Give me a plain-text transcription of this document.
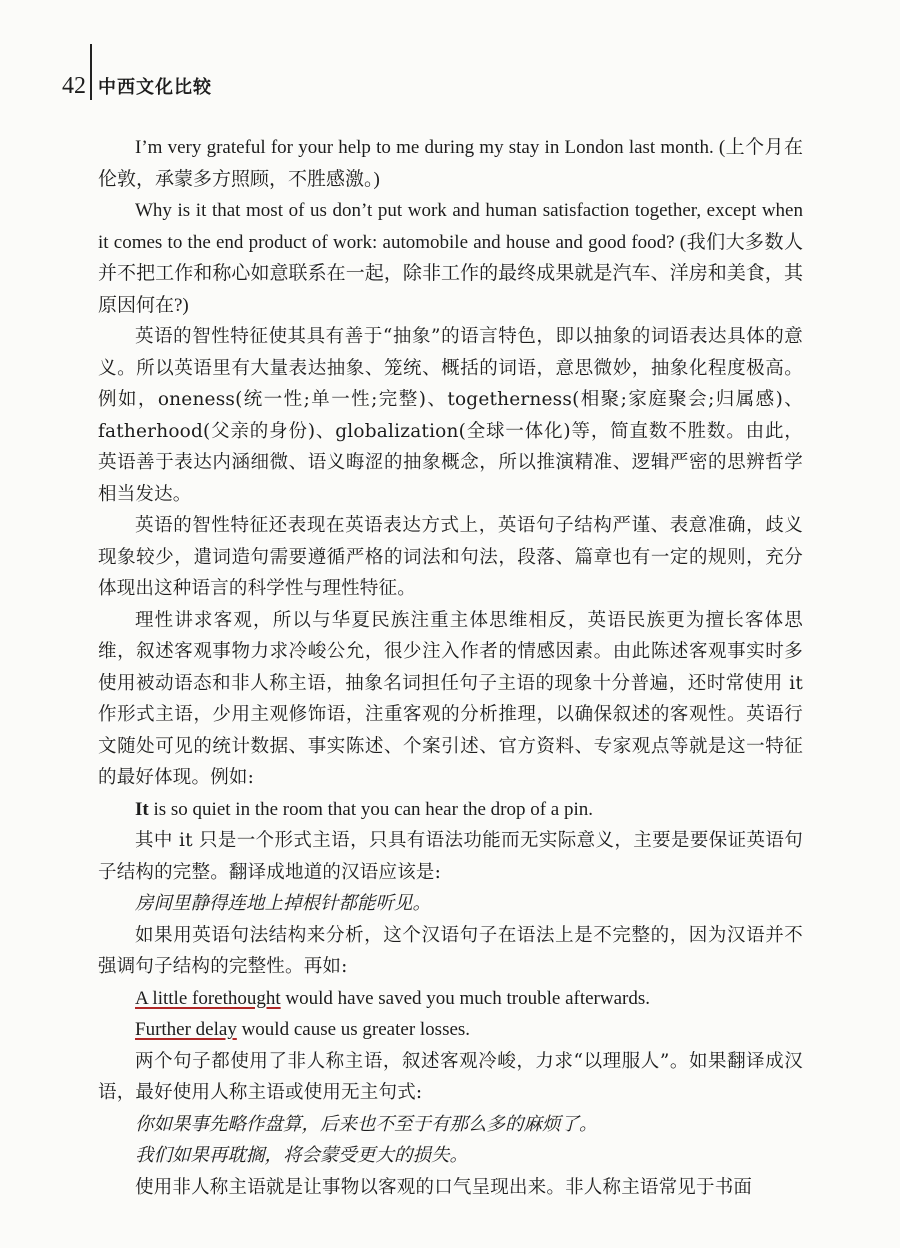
42 中西文化比较

I’m very grateful for your help to me during my stay in London last month. (上个月在伦敦，承蒙多方照顾，不胜感激。)

Why is it that most of us don’t put work and human satisfaction together, except when it comes to the end product of work: automobile and house and good food? (我们大多数人并不把工作和称心如意联系在一起，除非工作的最终成果就是汽车、洋房和美食，其原因何在?)

英语的智性特征使其具有善于“抽象”的语言特色，即以抽象的词语表达具体的意义。所以英语里有大量表达抽象、笼统、概括的词语，意思微妙，抽象化程度极高。例如，oneness(统一性;单一性;完整)、togetherness(相聚;家庭聚会;归属感)、fatherhood(父亲的身份)、globalization(全球一体化)等，简直数不胜数。由此，英语善于表达内涵细微、语义晦涩的抽象概念，所以推演精准、逻辑严密的思辨哲学相当发达。

英语的智性特征还表现在英语表达方式上，英语句子结构严谨、表意准确，歧义现象较少，遣词造句需要遵循严格的词法和句法，段落、篇章也有一定的规则，充分体现出这种语言的科学性与理性特征。

理性讲求客观，所以与华夏民族注重主体思维相反，英语民族更为擅长客体思维，叙述客观事物力求冷峻公允，很少注入作者的情感因素。由此陈述客观事实时多使用被动语态和非人称主语，抽象名词担任句子主语的现象十分普遍，还时常使用 it 作形式主语，少用主观修饰语，注重客观的分析推理，以确保叙述的客观性。英语行文随处可见的统计数据、事实陈述、个案引述、官方资料、专家观点等就是这一特征的最好体现。例如:

It is so quiet in the room that you can hear the drop of a pin.

其中 it 只是一个形式主语，只具有语法功能而无实际意义，主要是要保证英语句子结构的完整。翻译成地道的汉语应该是:

房间里静得连地上掉根针都能听见。

如果用英语句法结构来分析，这个汉语句子在语法上是不完整的，因为汉语并不强调句子结构的完整性。再如:

A little forethought would have saved you much trouble afterwards.

Further delay would cause us greater losses.

两个句子都使用了非人称主语，叙述客观冷峻，力求“以理服人”。如果翻译成汉语，最好使用人称主语或使用无主句式:

你如果事先略作盘算，后来也不至于有那么多的麻烦了。

我们如果再耽搁，将会蒙受更大的损失。

使用非人称主语就是让事物以客观的口气呈现出来。非人称主语常见于书面
